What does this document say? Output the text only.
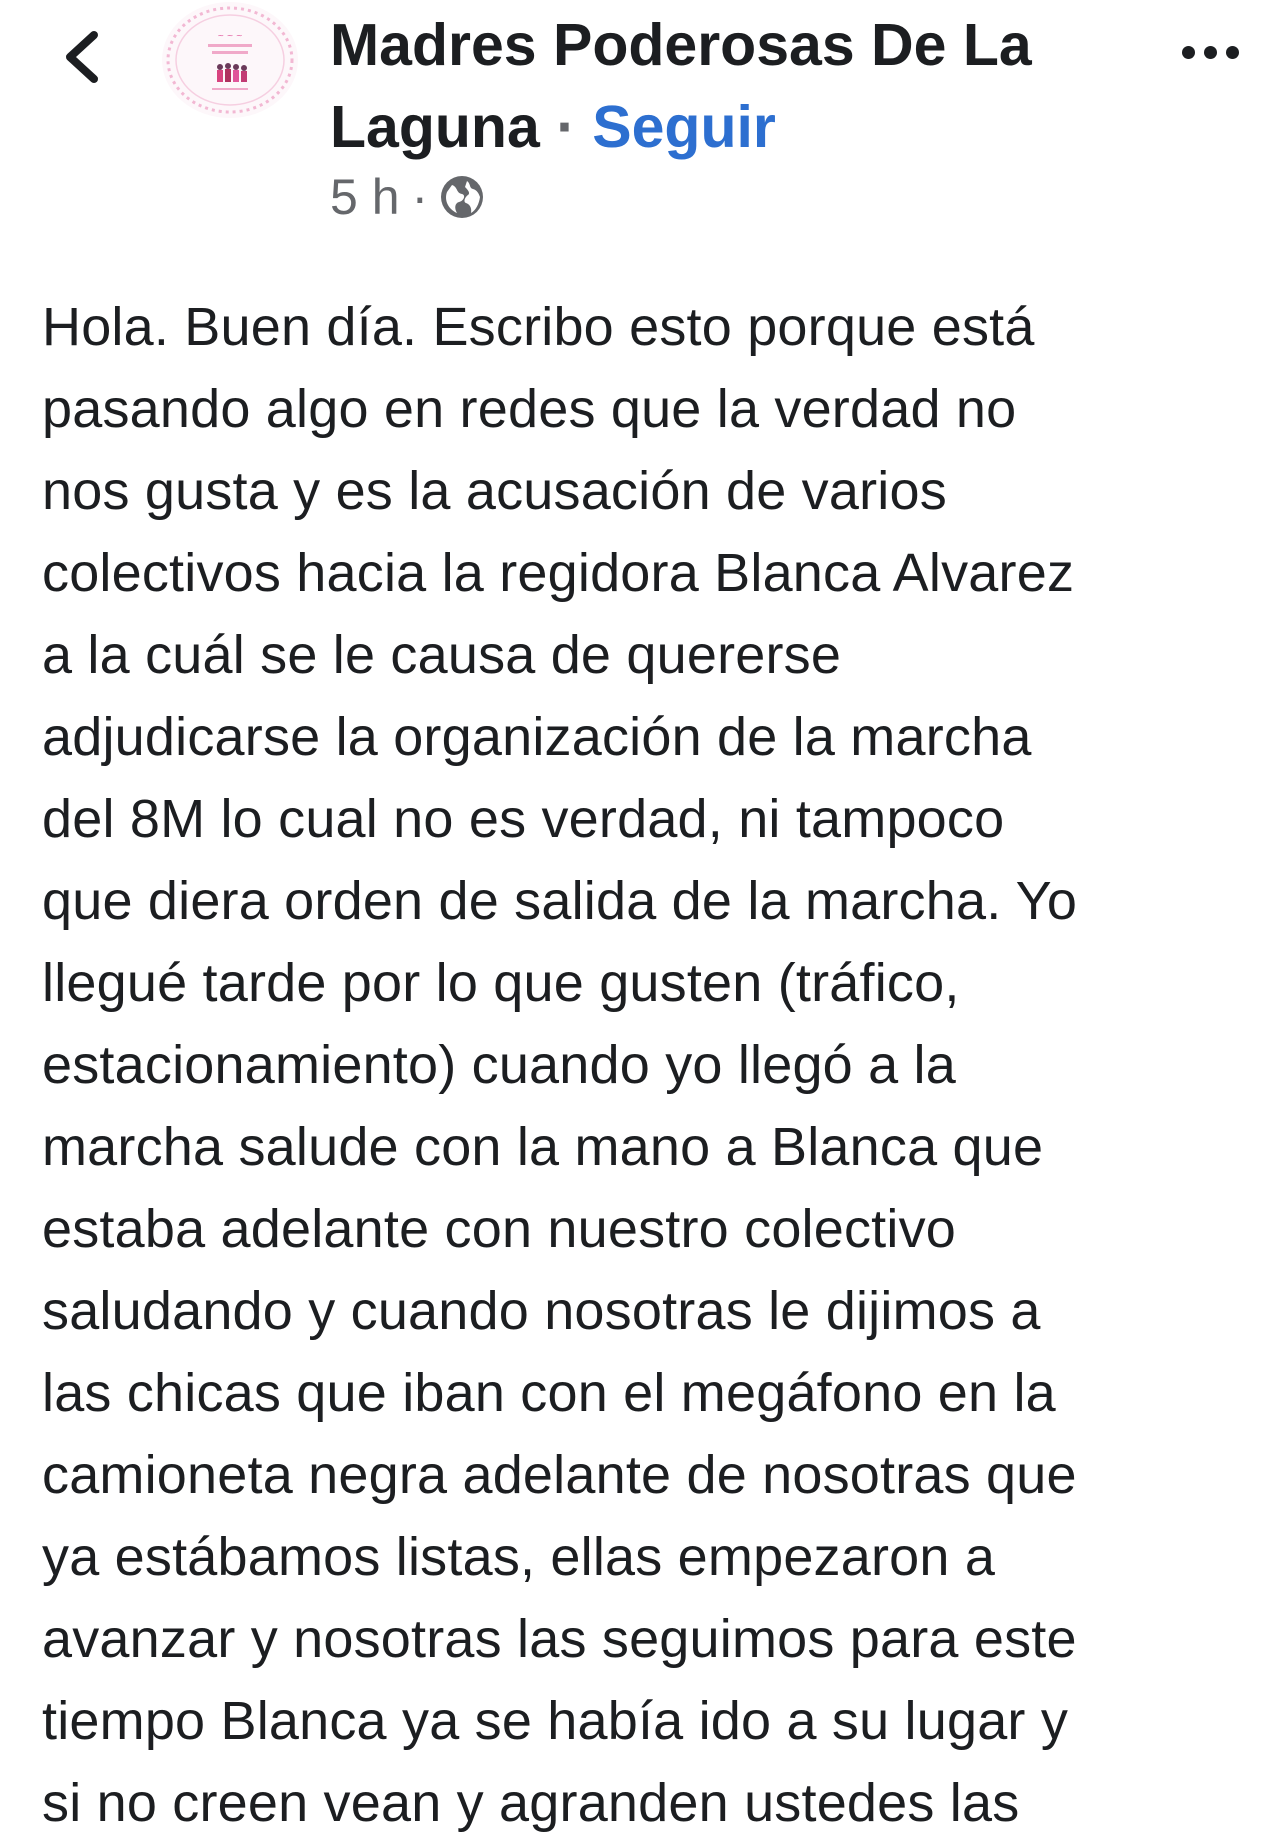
~ ~ ~ Madres Poderosas De La Laguna · Seguir

5 h ·

Hola. Buen día. Escribo esto porque está
pasando algo en redes que la verdad no
nos gusta y es la acusación de varios
colectivos hacia la regidora Blanca Alvarez
a la cuál se le causa de quererse
adjudicarse la organización de la marcha
del 8M lo cual no es verdad, ni tampoco
que diera orden de salida de la marcha. Yo
llegué tarde por lo que gusten (tráfico,
estacionamiento) cuando yo llegó a la
marcha salude con la mano a Blanca que
estaba adelante con nuestro colectivo
saludando y cuando nosotras le dijimos a
las chicas que iban con el megáfono en la
camioneta negra adelante de nosotras que
ya estábamos listas, ellas empezaron a
avanzar y nosotras las seguimos para este
tiempo Blanca ya se había ido a su lugar y
si no creen vean y agranden ustedes las
